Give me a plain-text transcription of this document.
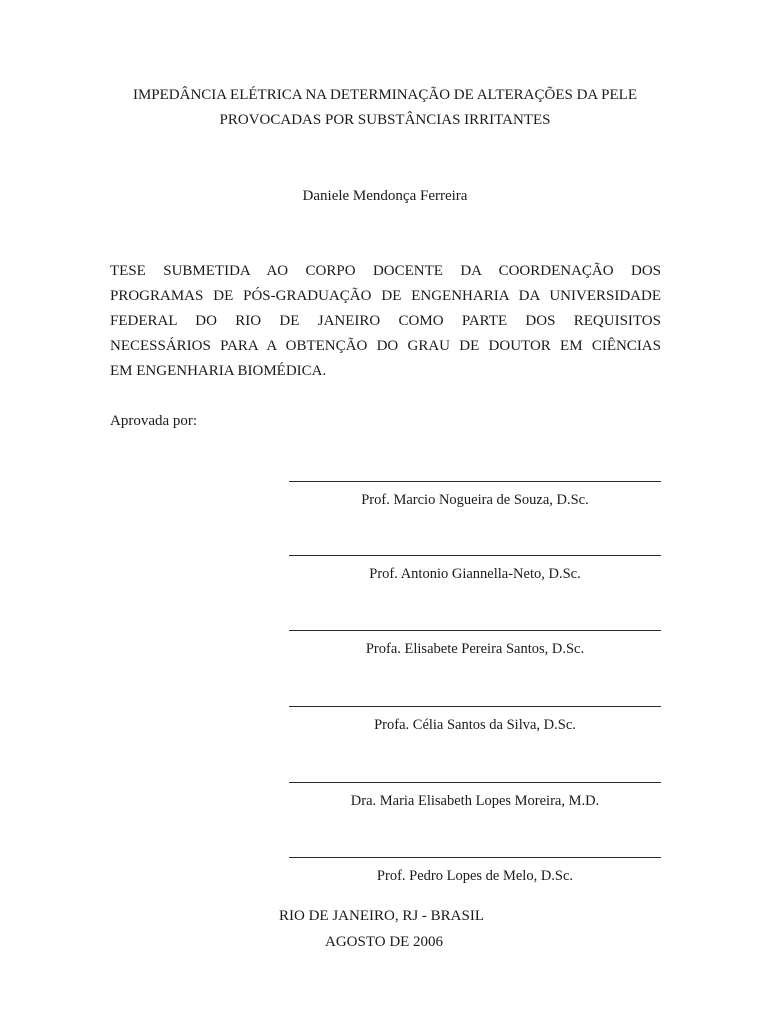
IMPEDÂNCIA ELÉTRICA NA DETERMINAÇÃO DE ALTERAÇÕES DA PELE
PROVOCADAS POR SUBSTÂNCIAS IRRITANTES
Daniele Mendonça Ferreira
TESE SUBMETIDA AO CORPO DOCENTE DA COORDENAÇÃO DOS
PROGRAMAS DE PÓS-GRADUAÇÃO DE ENGENHARIA DA UNIVERSIDADE
FEDERAL DO RIO DE JANEIRO COMO PARTE DOS REQUISITOS
NECESSÁRIOS PARA A OBTENÇÃO DO GRAU DE DOUTOR EM CIÊNCIAS
EM ENGENHARIA BIOMÉDICA.
Aprovada por:
Prof. Marcio Nogueira de Souza, D.Sc.
Prof. Antonio Giannella-Neto, D.Sc.
Profa. Elisabete Pereira Santos, D.Sc.
Profa. Célia Santos da Silva, D.Sc.
Dra. Maria Elisabeth Lopes Moreira, M.D.
Prof. Pedro Lopes de Melo, D.Sc.
RIO DE JANEIRO, RJ - BRASIL
AGOSTO DE 2006
